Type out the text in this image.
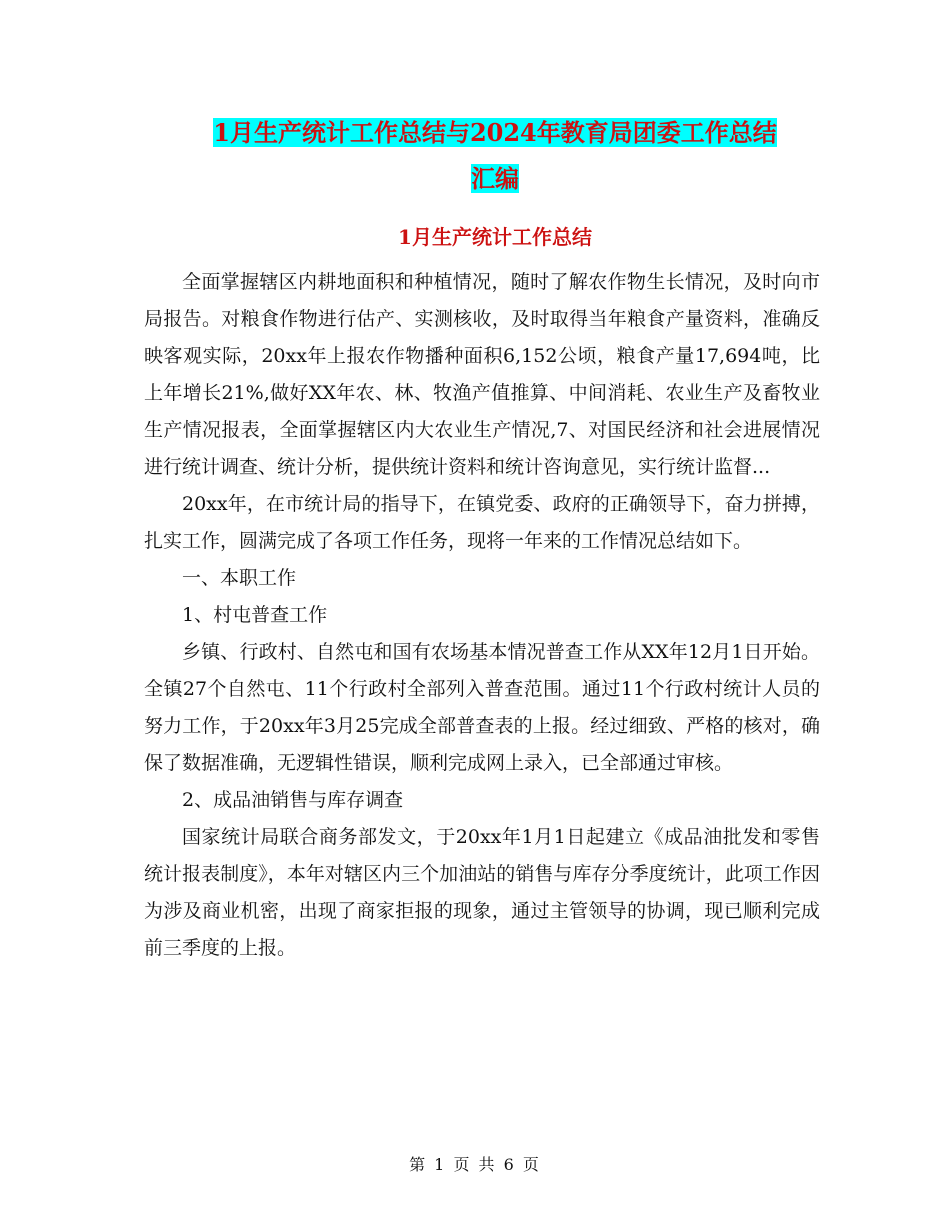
1月生产统计工作总结与2024年教育局团委工作总结
汇编
1月生产统计工作总结

全面掌握辖区内耕地面积和种植情况，随时了解农作物生长情况，及时向市局报告。对粮食作物进行估产、实测核收，及时取得当年粮食产量资料，准确反映客观实际，20xx年上报农作物播种面积6,152公顷，粮食产量17,694吨，比上年增长21%,做好XX年农、林、牧渔产值推算、中间消耗、农业生产及畜牧业生产情况报表，全面掌握辖区内大农业生产情况,7、对国民经济和社会进展情况进行统计调查、统计分析，提供统计资料和统计咨询意见，实行统计监督...

20xx年，在市统计局的指导下，在镇党委、政府的正确领导下，奋力拼搏，扎实工作，圆满完成了各项工作任务，现将一年来的工作情况总结如下。

一、本职工作

1、村屯普查工作

乡镇、行政村、自然屯和国有农场基本情况普查工作从XX年12月1日开始。全镇27个自然屯、11个行政村全部列入普查范围。通过11个行政村统计人员的努力工作，于20xx年3月25完成全部普查表的上报。经过细致、严格的核对，确保了数据准确，无逻辑性错误，顺利完成网上录入，已全部通过审核。

2、成品油销售与库存调查

国家统计局联合商务部发文，于20xx年1月1日起建立《成品油批发和零售统计报表制度》，本年对辖区内三个加油站的销售与库存分季度统计，此项工作因为涉及商业机密，出现了商家拒报的现象，通过主管领导的协调，现已顺利完成前三季度的上报。

第 1 页 共 6 页
